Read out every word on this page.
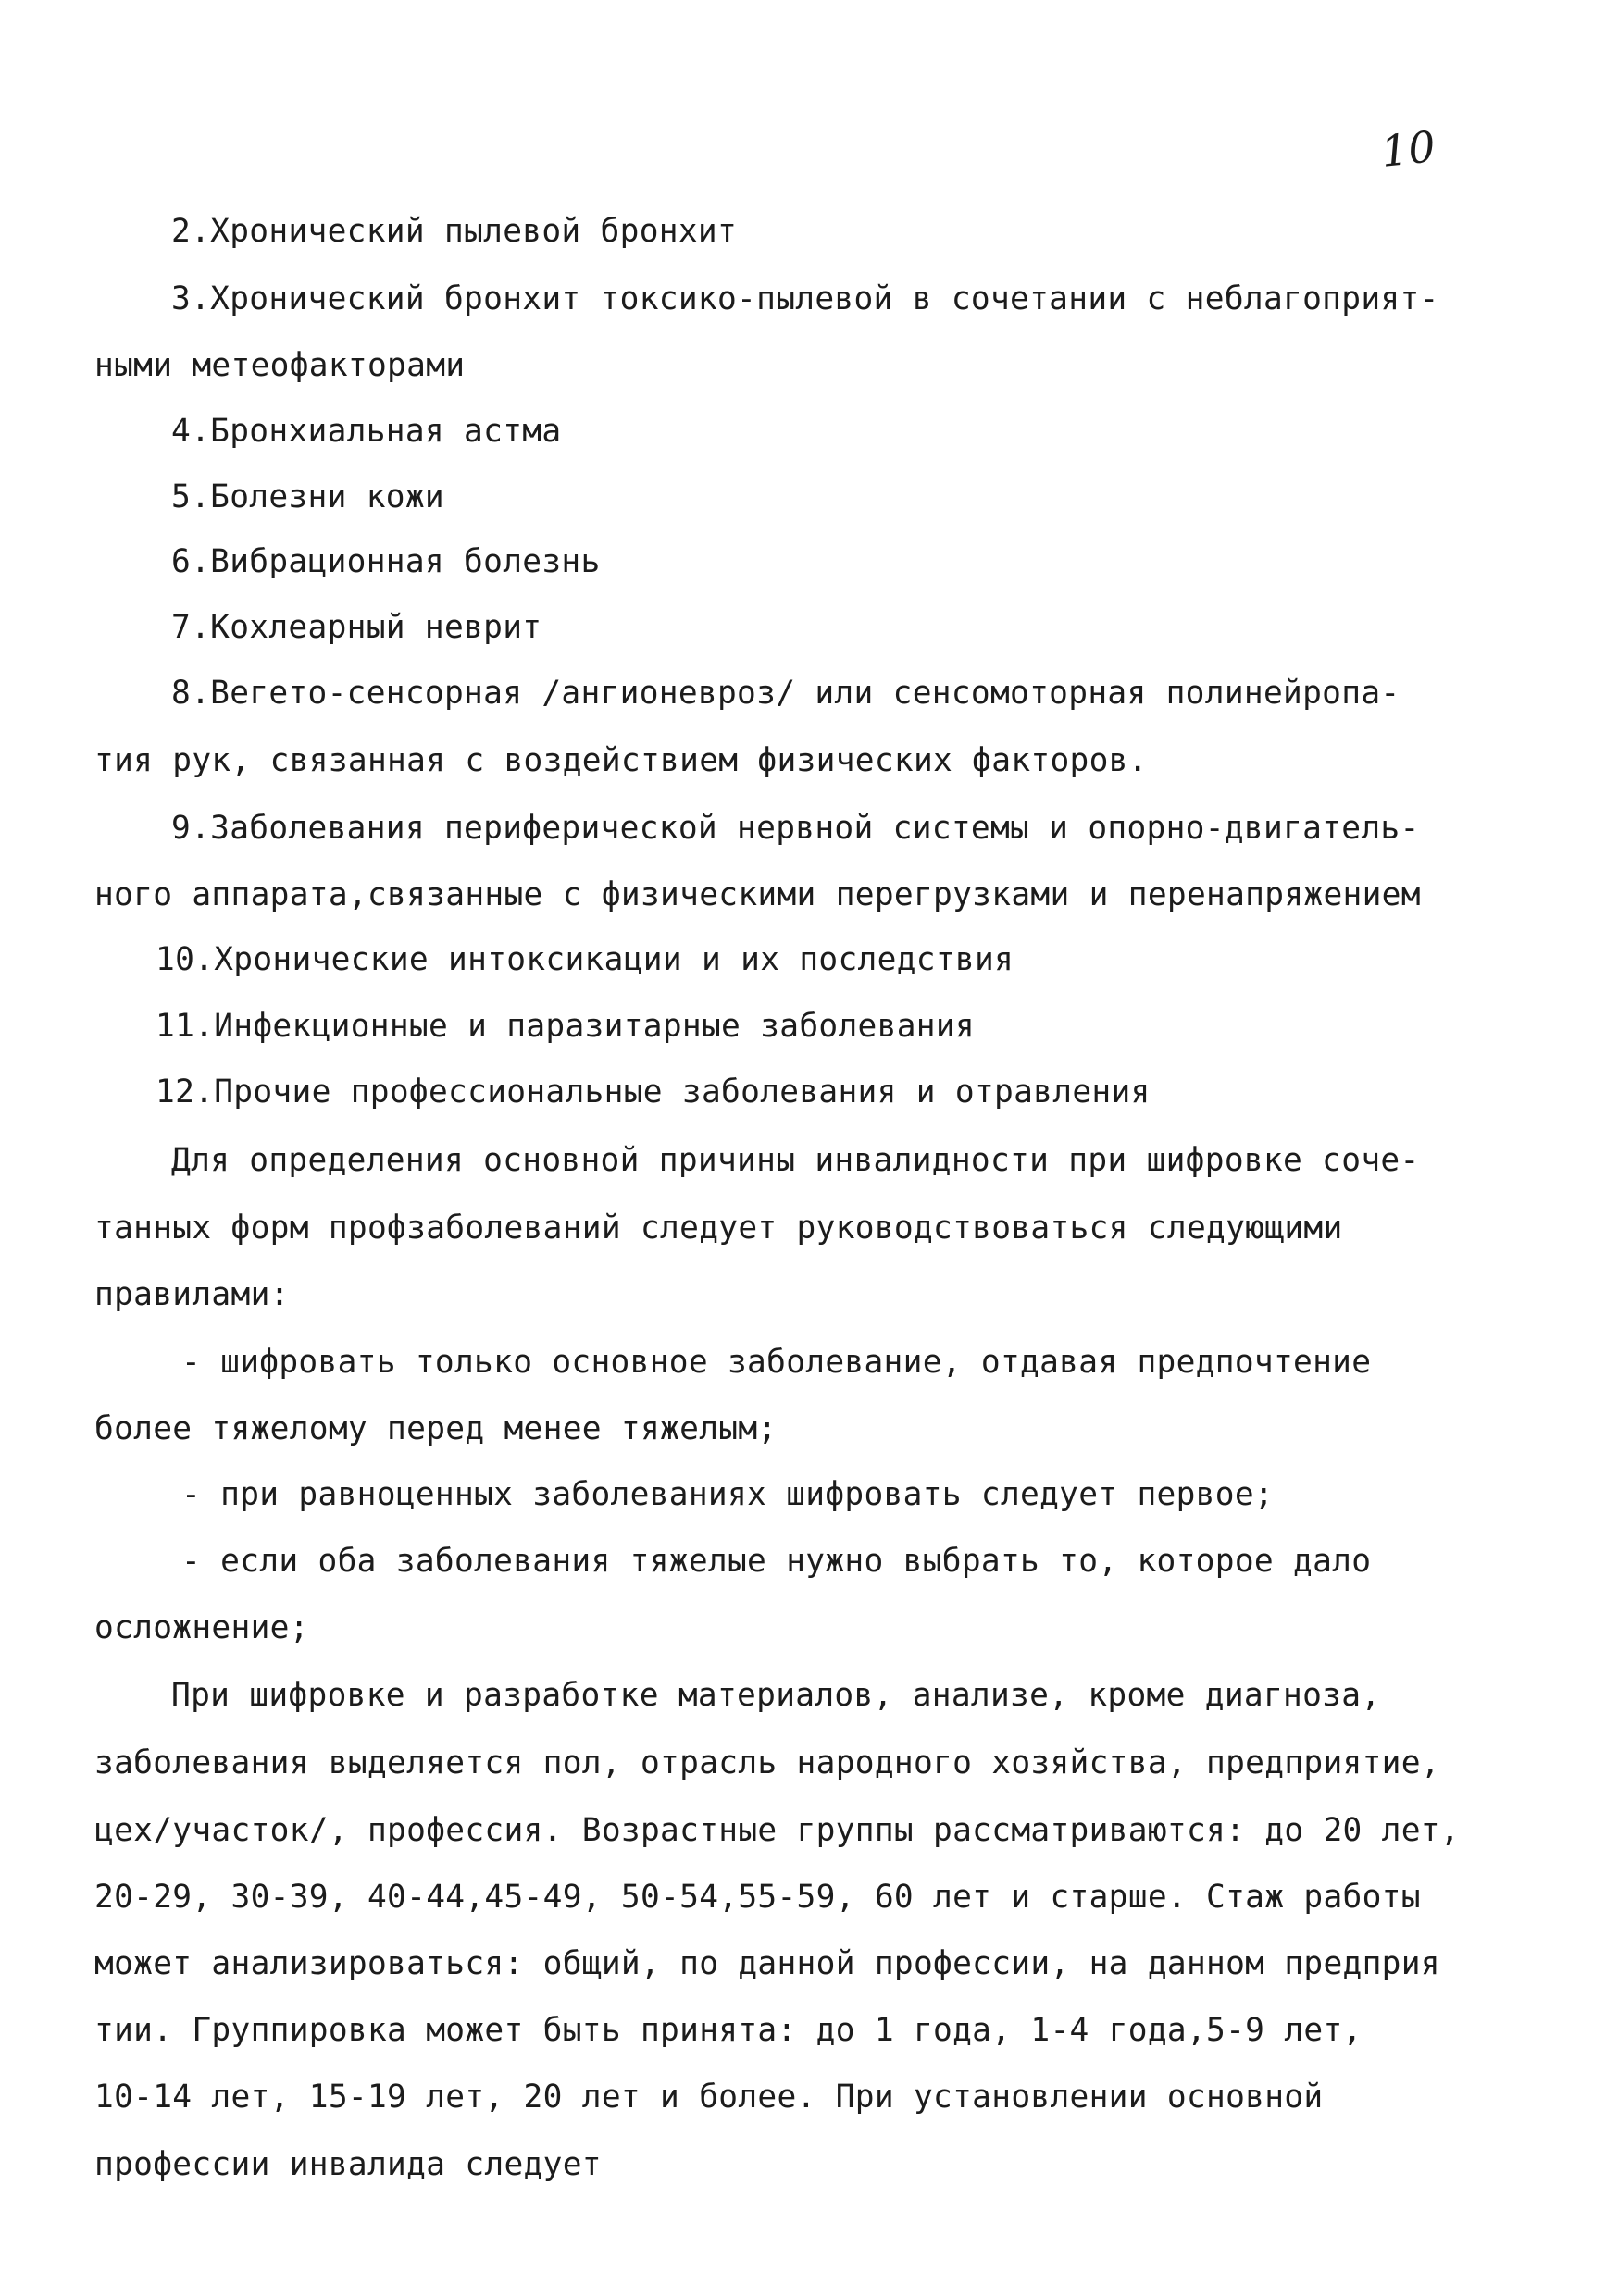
10
2.Хронический пылевой бронхит
3.Хронический бронхит токсико-пылевой в сочетании с неблагоприят-
ными метеофакторами
4.Бронхиальная астма
5.Болезни кожи
6.Вибрационная болезнь
7.Кохлеарный неврит
8.Вегето-сенсорная /ангионевроз/ или сенсомоторная полинейропа-
тия рук, связанная с воздействием физических факторов.
9.Заболевания периферической нервной системы и опорно-двигатель-
ного аппарата,связанные с физическими перегрузками и перенапряжением
10.Хронические интоксикации и их последствия
11.Инфекционные и паразитарные заболевания
12.Прочие профессиональные заболевания и отравления
Для определения основной причины инвалидности при шифровке соче-
танных форм профзаболеваний следует руководствоваться следующими
правилами:
- шифровать только основное заболевание, отдавая предпочтение
более тяжелому перед менее тяжелым;
- при равноценных заболеваниях шифровать следует первое;
- если оба заболевания тяжелые нужно выбрать то, которое дало
осложнение;
При шифровке и разработке материалов, анализе, кроме диагноза,
заболевания выделяется пол, отрасль народного хозяйства, предприятие,
цех/участок/, профессия. Возрастные группы рассматриваются: до 20 лет,
20-29, 30-39, 40-44,45-49, 50-54,55-59, 60 лет и старше. Стаж работы
может анализироваться: общий, по данной профессии, на данном предприя
тии. Группировка может быть принята: до 1 года, 1-4 года,5-9 лет,
10-14 лет, 15-19 лет, 20 лет и более. При установлении основной
профессии инвалида следует
